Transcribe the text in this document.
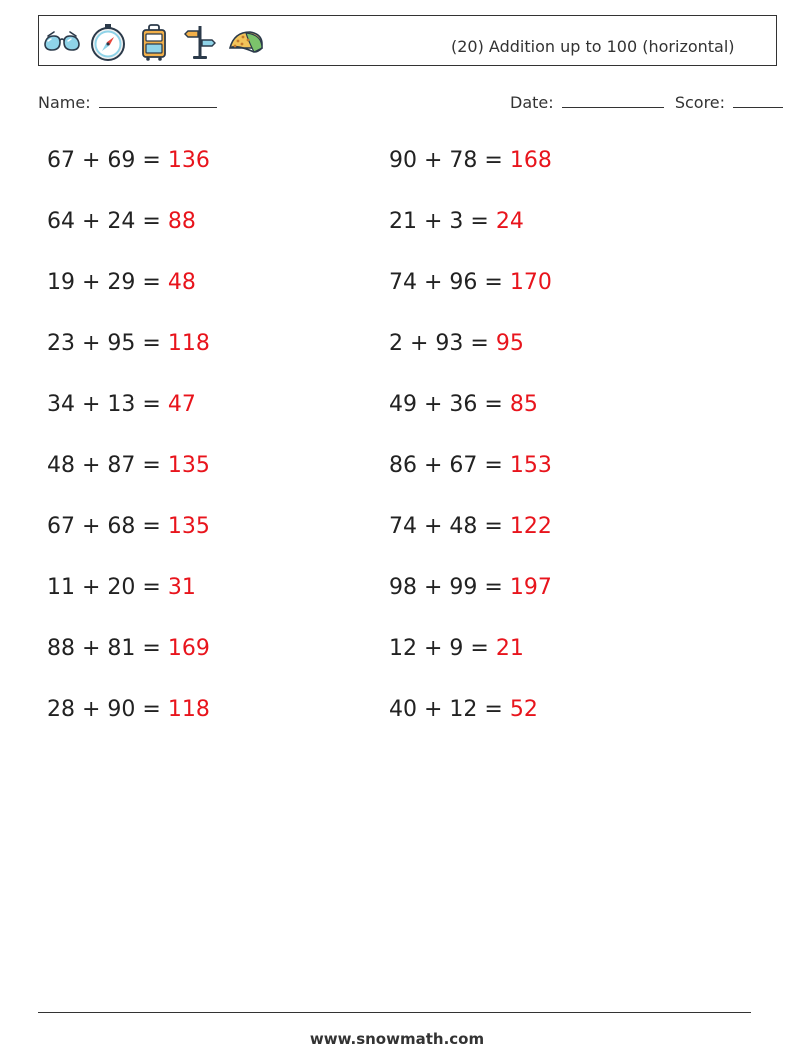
(20) Addition up to 100 (horizontal)
Name:	Date:	Score:
67 + 69 = 136
64 + 24 = 88
19 + 29 = 48
23 + 95 = 118
34 + 13 = 47
48 + 87 = 135
67 + 68 = 135
11 + 20 = 31
88 + 81 = 169
28 + 90 = 118
90 + 78 = 168
21 + 3 = 24
74 + 96 = 170
2 + 93 = 95
49 + 36 = 85
86 + 67 = 153
74 + 48 = 122
98 + 99 = 197
12 + 9 = 21
40 + 12 = 52
www.snowmath.com
